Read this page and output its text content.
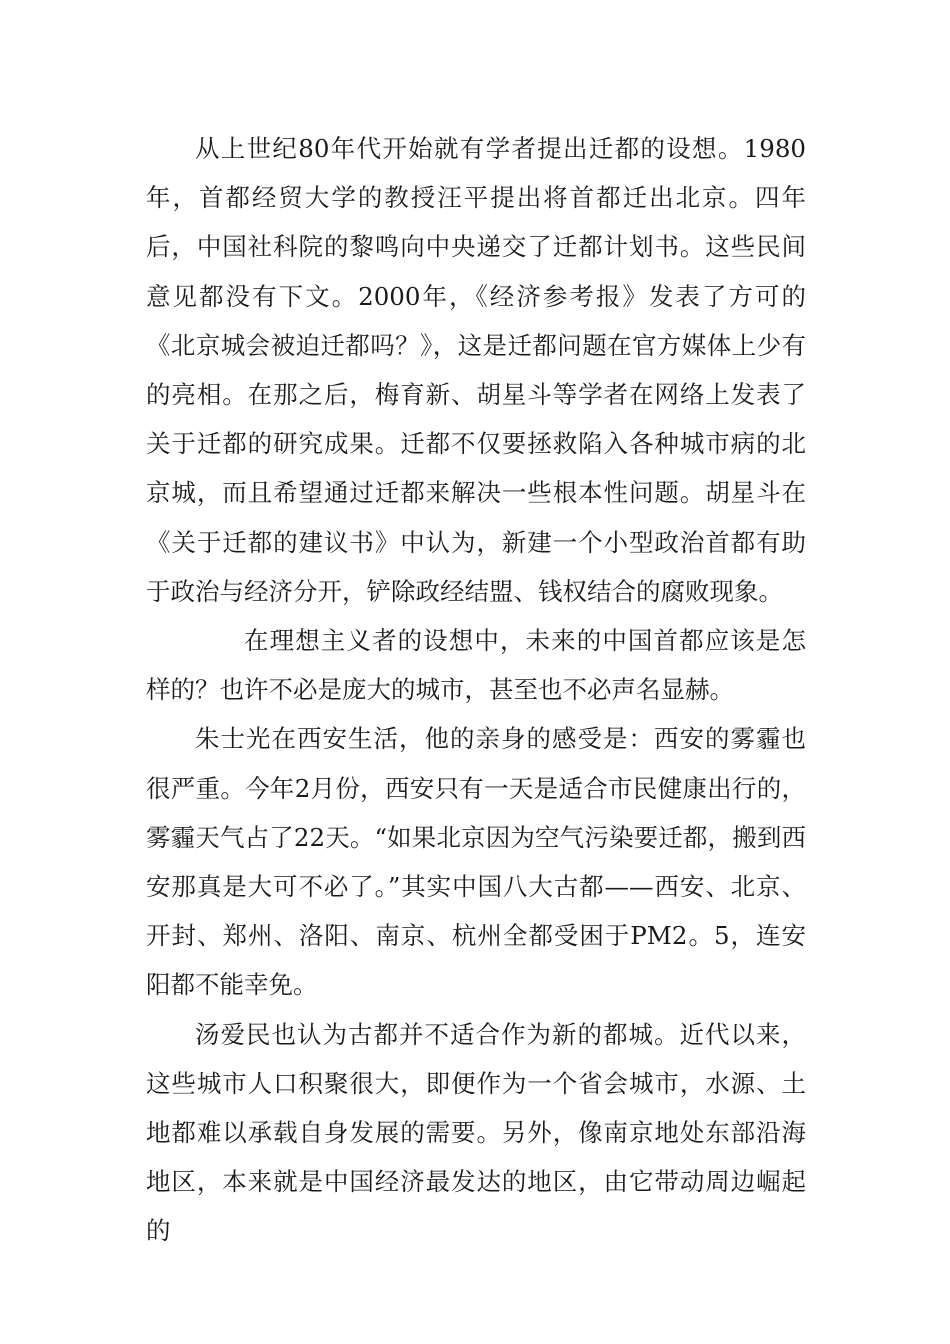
从上世纪80年代开始就有学者提出迁都的设想。1980年，首都经贸大学的教授汪平提出将首都迁出北京。四年后，中国社科院的黎鸣向中央递交了迁都计划书。这些民间意见都没有下文。2000年，《经济参考报》发表了方可的《北京城会被迫迁都吗？》，这是迁都问题在官方媒体上少有的亮相。在那之后，梅育新、胡星斗等学者在网络上发表了关于迁都的研究成果。迁都不仅要拯救陷入各种城市病的北京城，而且希望通过迁都来解决一些根本性问题。胡星斗在《关于迁都的建议书》中认为，新建一个小型政治首都有助于政治与经济分开，铲除政经结盟、钱权结合的腐败现象。

在理想主义者的设想中，未来的中国首都应该是怎样的？也许不必是庞大的城市，甚至也不必声名显赫。

朱士光在西安生活，他的亲身的感受是：西安的雾霾也很严重。今年2月份，西安只有一天是适合市民健康出行的，雾霾天气占了22天。“如果北京因为空气污染要迁都，搬到西安那真是大可不必了。”其实中国八大古都——西安、北京、开封、郑州、洛阳、南京、杭州全都受困于PM2。5，连安阳都不能幸免。

汤爱民也认为古都并不适合作为新的都城。近代以来，这些城市人口积聚很大，即便作为一个省会城市，水源、土地都难以承载自身发展的需要。另外，像南京地处东部沿海地区，本来就是中国经济最发达的地区，由它带动周边崛起的
